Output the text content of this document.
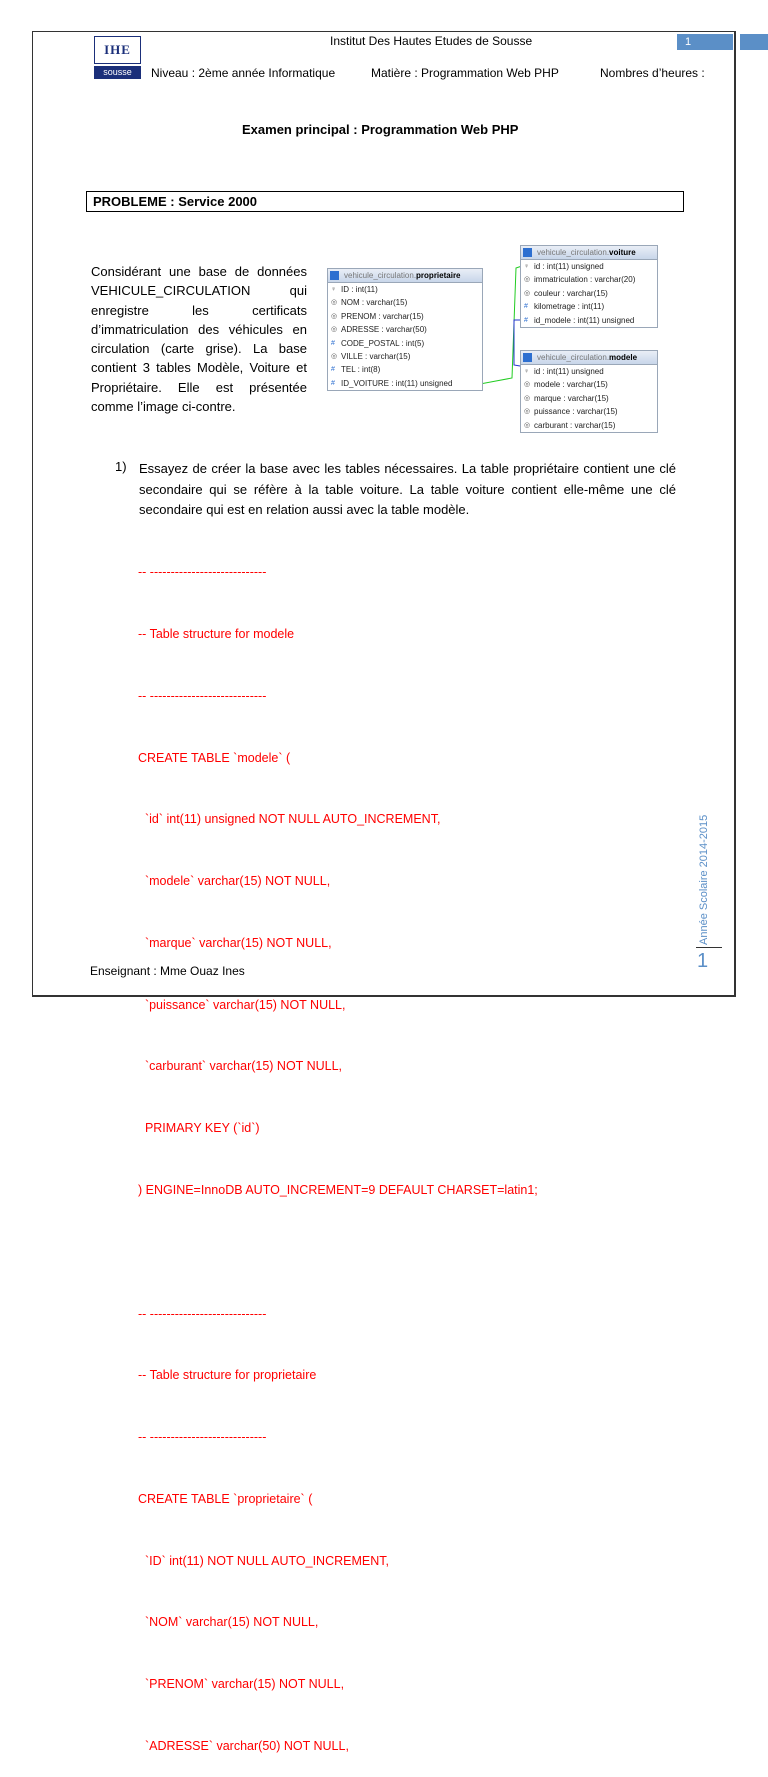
Institut Des Hautes Etudes de Sousse	1
IHE
sousse	Niveau : 2ème année Informatique	Matière : Programmation Web PHP	Nombres d’heures :
Examen principal : Programmation Web PHP
PROBLEME : Service 2000
Considérant une base de données VEHICULE_CIRCULATION qui enregistre les certificats d’immatriculation des véhicules en circulation (carte grise). La base contient 3 tables Modèle, Voiture et Propriétaire. Elle est présentée comme l’image ci-contre.
vehicule_circulation.proprietaire
♀ ID : int(11)
◎ NOM : varchar(15)
◎ PRENOM : varchar(15)
◎ ADRESSE : varchar(50)
# CODE_POSTAL : int(5)
◎ VILLE : varchar(15)
# TEL : int(8)
# ID_VOITURE : int(11) unsigned
vehicule_circulation.voiture
♀ id : int(11) unsigned
◎ immatriculation : varchar(20)
◎ couleur : varchar(15)
# kilometrage : int(11)
# id_modele : int(11) unsigned
vehicule_circulation.modele
♀ id : int(11) unsigned
◎ modele : varchar(15)
◎ marque : varchar(15)
◎ puissance : varchar(15)
◎ carburant : varchar(15)
1) Essayez de créer la base avec les tables nécessaires. La table propriétaire contient une clé secondaire qui se réfère à la table voiture. La table voiture contient elle-même une clé secondaire qui est en relation aussi avec la table modèle.

-- ----------------------------

-- Table structure for modele

-- ----------------------------

CREATE TABLE `modele` (

`id` int(11) unsigned NOT NULL AUTO_INCREMENT,

`modele` varchar(15) NOT NULL,

`marque` varchar(15) NOT NULL,

`puissance` varchar(15) NOT NULL,

`carburant` varchar(15) NOT NULL,

PRIMARY KEY (`id`)

) ENGINE=InnoDB AUTO_INCREMENT=9 DEFAULT CHARSET=latin1;

-- ----------------------------

-- Table structure for proprietaire

-- ----------------------------

CREATE TABLE `proprietaire` (

`ID` int(11) NOT NULL AUTO_INCREMENT,

`NOM` varchar(15) NOT NULL,

`PRENOM` varchar(15) NOT NULL,

`ADRESSE` varchar(50) NOT NULL,

Enseignant : Mme Ouaz Ines
Année Scolaire 2014-2015
1
